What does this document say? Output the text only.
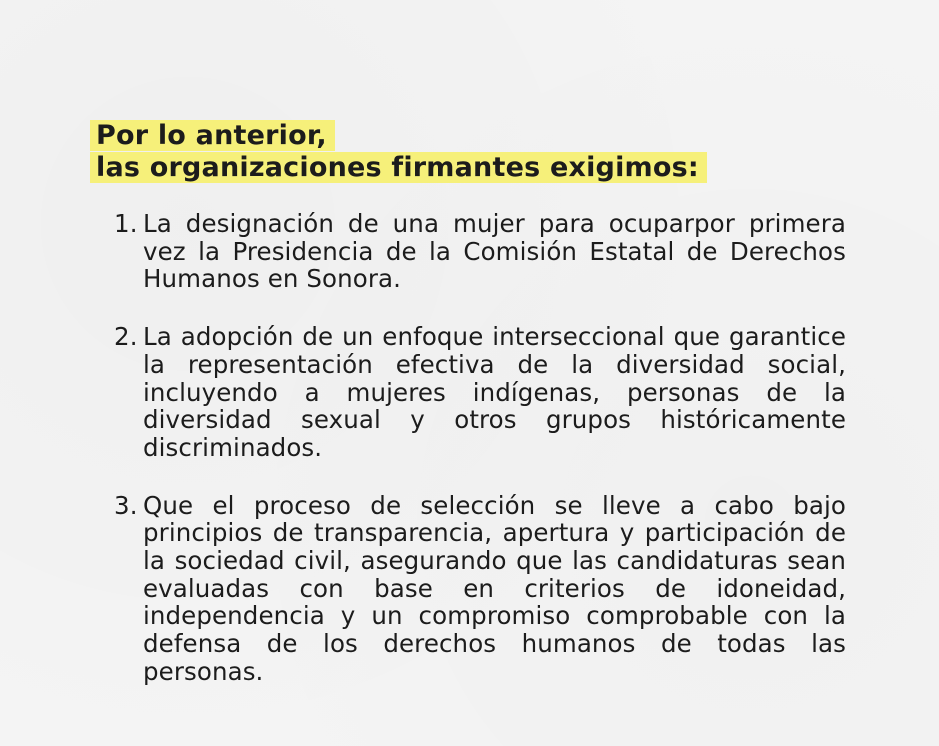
Por lo anterior,
las organizaciones firmantes exigimos:
1. La designación de una mujer para ocuparpor primera vez la Presidencia de la Comisión Estatal de Derechos Humanos en Sonora.
2. La adopción de un enfoque interseccional que garantice la representación efectiva de la diversidad social, incluyendo a mujeres indígenas, personas de la diversidad sexual y otros grupos históricamente discriminados.
3. Que el proceso de selección se lleve a cabo bajo principios de transparencia, apertura y participación de la sociedad civil, asegurando que las candidaturas sean evaluadas con base en criterios de idoneidad, independencia y un compromiso comprobable con la defensa de los derechos humanos de todas las personas.
